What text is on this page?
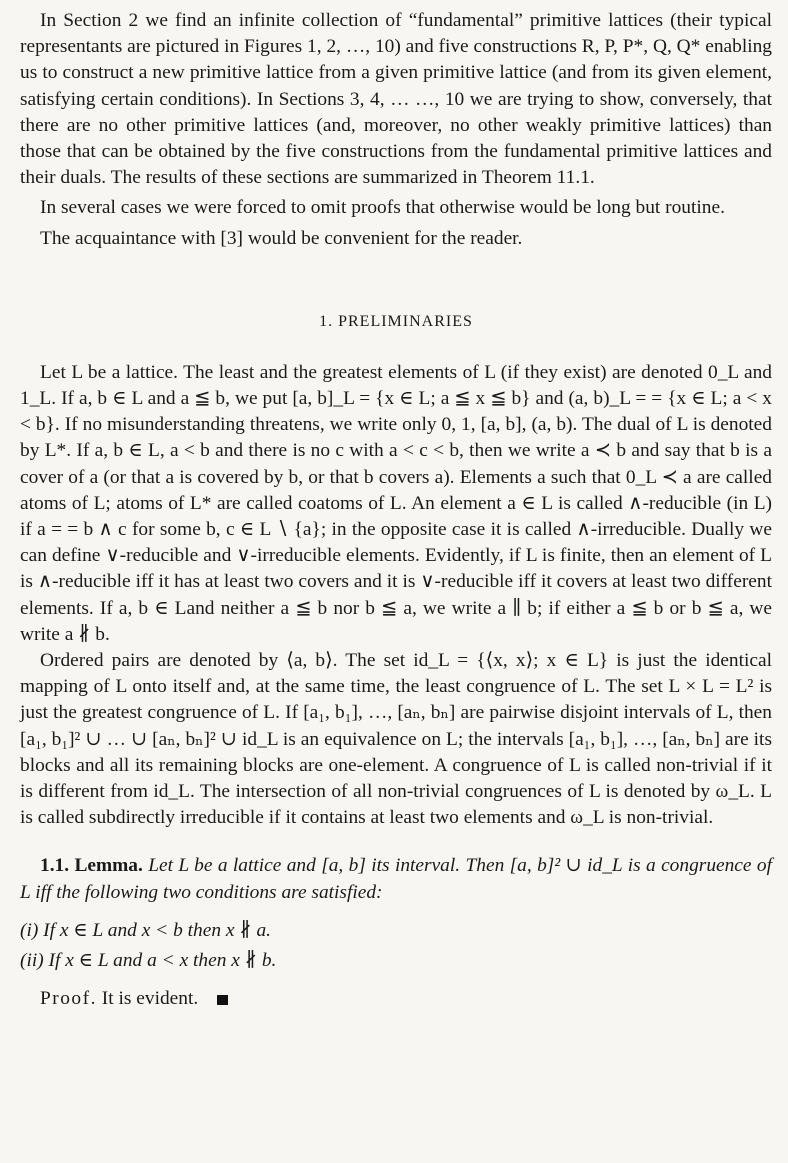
In Section 2 we find an infinite collection of “fundamental” primitive lattices (their typical representants are pictured in Figures 1, 2, …, 10) and five constructions R, P, P*, Q, Q* enabling us to construct a new primitive lattice from a given primitive lattice (and from its given element, satisfying certain conditions). In Sections 3, 4, … …, 10 we are trying to show, conversely, that there are no other primitive lattices (and, moreover, no other weakly primitive lattices) than those that can be obtained by the five constructions from the fundamental primitive lattices and their duals. The results of these sections are summarized in Theorem 11.1.

In several cases we were forced to omit proofs that otherwise would be long but routine.

The acquaintance with [3] would be convenient for the reader.

1. PRELIMINARIES

Let L be a lattice. The least and the greatest elements of L (if they exist) are denoted 0_L and 1_L. If a, b ∈ L and a ≦ b, we put [a, b]_L = {x ∈ L; a ≦ x ≦ b} and (a, b)_L = = {x ∈ L; a < x < b}. If no misunderstanding threatens, we write only 0, 1, [a, b], (a, b). The dual of L is denoted by L*. If a, b ∈ L, a < b and there is no c with a < c < b, then we write a ≺ b and say that b is a cover of a (or that a is covered by b, or that b covers a). Elements a such that 0_L ≺ a are called atoms of L; atoms of L* are called coatoms of L. An element a ∈ L is called ∧-reducible (in L) if a = = b ∧ c for some b, c ∈ L ∖ {a}; in the opposite case it is called ∧-irreducible. Dually we can define ∨-reducible and ∨-irreducible elements. Evidently, if L is finite, then an element of L is ∧-reducible iff it has at least two covers and it is ∨-reducible iff it covers at least two different elements. If a, b ∈ Land neither a ≦ b nor b ≦ a, we write a ∥ b; if either a ≦ b or b ≦ a, we write a ∦ b.

Ordered pairs are denoted by ⟨a, b⟩. The set id_L = {⟨x, x⟩; x ∈ L} is just the identical mapping of L onto itself and, at the same time, the least congruence of L. The set L × L = L² is just the greatest congruence of L. If [a₁, b₁], …, [aₙ, bₙ] are pairwise disjoint intervals of L, then [a₁, b₁]² ∪ … ∪ [aₙ, bₙ]² ∪ id_L is an equivalence on L; the intervals [a₁, b₁], …, [aₙ, bₙ] are its blocks and all its remaining blocks are one-element. A congruence of L is called non-trivial if it is different from id_L. The intersection of all non-trivial congruences of L is denoted by ω_L. L is called subdirectly irreducible if it contains at least two elements and ω_L is non-trivial.

1.1. Lemma. Let L be a lattice and [a, b] its interval. Then [a, b]² ∪ id_L is a congruence of L iff the following two conditions are satisfied:

(i) If x ∈ L and x < b then x ∦ a.
(ii) If x ∈ L and a < x then x ∦ b.

Proof. It is evident.
